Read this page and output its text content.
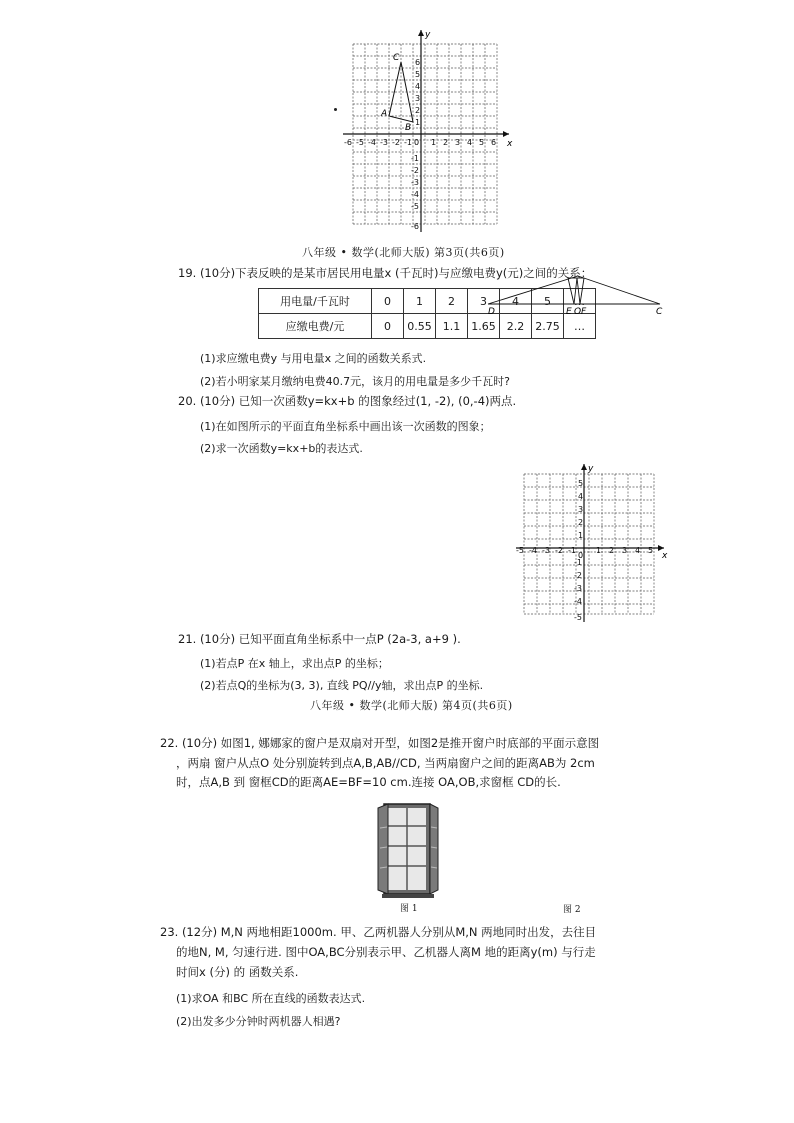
x
y
0
-6 -5 -4 -3 -2 -1 1 2 3 4 5 6
6
5
4
3
2
1
-1
-2
-3
-4
-5
-6
C
A
B
八年级 • 数学(北师大版) 第3页(共6页)
19. (10分)下表反映的是某市居民用电量x (千瓦时)与应缴电费y(元)之间的关系：
用电量/千瓦时	0	1	2	3	4	5	…
应缴电费/元	0	0.55	1.1	1.65	2.2	2.75	…
D	E O F	C
(1)求应缴电费y 与用电量x 之间的函数关系式.
(2)若小明家某月缴纳电费40.7元，该月的用电量是多少千瓦时?
20. (10分) 已知一次函数y=kx+b 的图象经过(1, -2), (0,-4)两点.
(1)在如图所示的平面直角坐标系中画出该一次函数的图象；
(2)求一次函数y=kx+b的表达式.
x
y
0
-5 -4 -3 -2 -1	1 2 3 4 5
5
4
3
2
1
-1
-2
-3
-4
-5
21. (10分) 已知平面直角坐标系中一点P (2a-3, a+9 ).
(1)若点P 在x 轴上，求出点P 的坐标；
(2)若点Q的坐标为(3, 3), 直线 PQ//y轴，求出点P 的坐标.
八年级 • 数学(北师大版) 第4页(共6页)
22. (10分) 如图1, 娜娜家的窗户是双扇对开型，如图2是推开窗户时底部的平面示意图
，两扇 窗户从点O 处分别旋转到点A,B,AB//CD, 当两扇窗户之间的距离AB为 2cm
时，点A,B 到 窗框CD的距离AE=BF=10 cm.连接 OA,OB,求窗框 CD的长.
图 1	图 2
23. (12分) M,N 两地相距1000m. 甲、乙两机器人分别从M,N 两地同时出发，去往目
的地N, M, 匀速行进. 图中OA,BC分别表示甲、乙机器人离M 地的距离y(m) 与行走
时间x (分) 的 函数关系.
(1)求OA 和BC 所在直线的函数表达式.
(2)出发多少分钟时两机器人相遇?
